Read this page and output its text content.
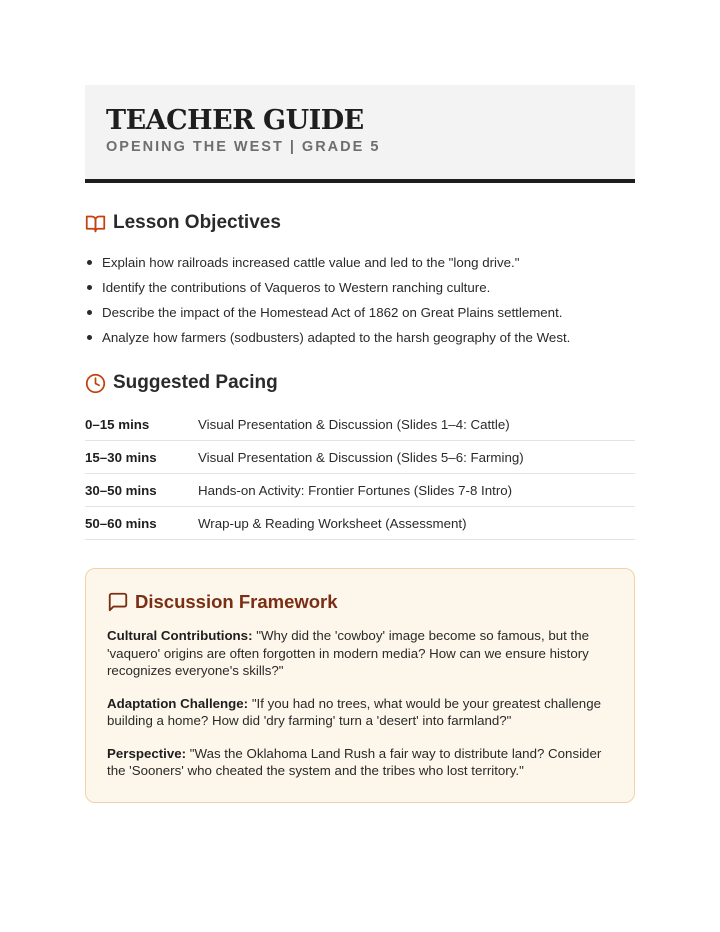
TEACHER GUIDE
OPENING THE WEST | GRADE 5
Lesson Objectives
Explain how railroads increased cattle value and led to the "long drive."
Identify the contributions of Vaqueros to Western ranching culture.
Describe the impact of the Homestead Act of 1862 on Great Plains settlement.
Analyze how farmers (sodbusters) adapted to the harsh geography of the West.
Suggested Pacing
0–15 mins	Visual Presentation & Discussion (Slides 1–4: Cattle)
15–30 mins	Visual Presentation & Discussion (Slides 5–6: Farming)
30–50 mins	Hands-on Activity: Frontier Fortunes (Slides 7-8 Intro)
50–60 mins	Wrap-up & Reading Worksheet (Assessment)
Discussion Framework

Cultural Contributions: "Why did the 'cowboy' image become so famous, but the 'vaquero' origins are often forgotten in modern media? How can we ensure history recognizes everyone's skills?"

Adaptation Challenge: "If you had no trees, what would be your greatest challenge building a home? How did 'dry farming' turn a 'desert' into farmland?"

Perspective: "Was the Oklahoma Land Rush a fair way to distribute land? Consider the 'Sooners' who cheated the system and the tribes who lost territory."
